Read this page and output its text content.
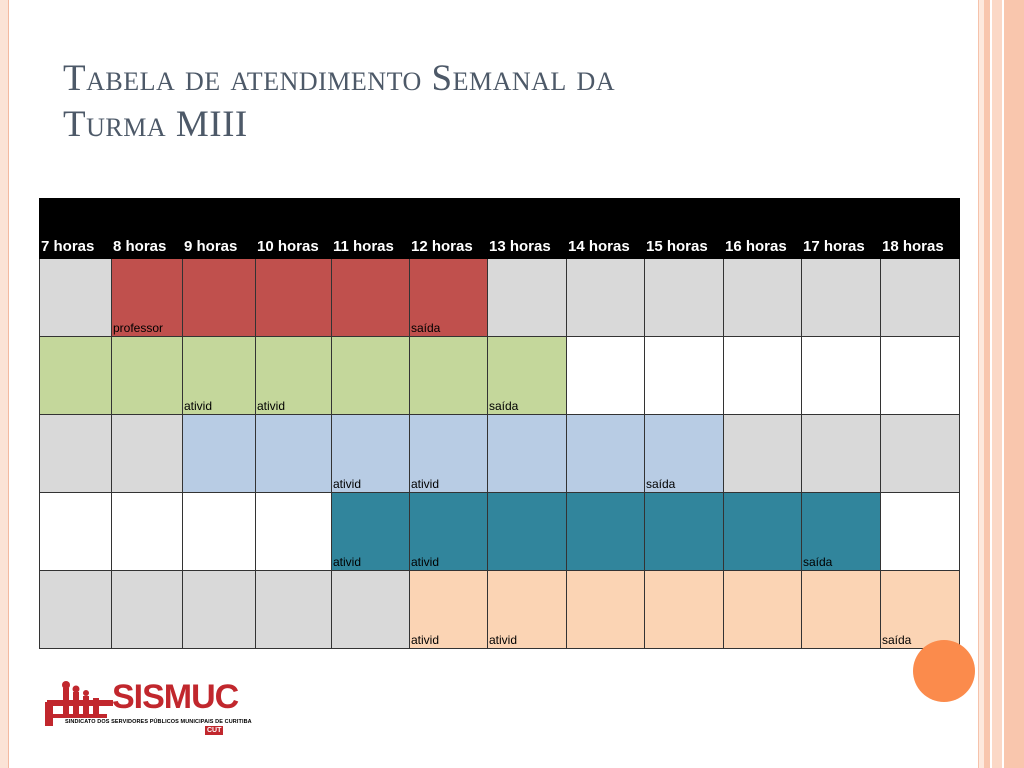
Tabela de atendimento Semanal da
Turma MIII
7 horas	8 horas	9 horas	10 horas	11 horas	12 horas	13 horas	14 horas	15 horas	16 horas	17 horas	18 horas
	professor				saída						
		ativid	ativid			saída					
				ativid	ativid			saída			
				ativid	ativid					saída	
					ativid	ativid					saída
SISMUC
SINDICATO DOS SERVIDORES PÚBLICOS MUNICIPAIS DE CURITIBA
CUT
